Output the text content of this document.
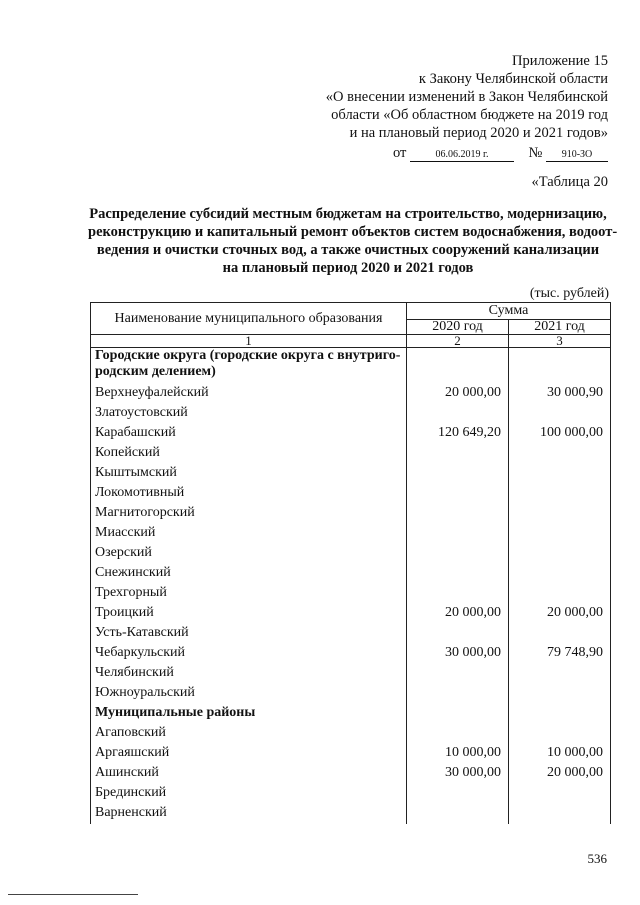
Приложение 15
к Закону Челябинской области
«О внесении изменений в Закон Челябинской
области «Об областном бюджете на 2019 год
и на плановый период 2020 и 2021 годов»
от	06.06.2019 г.	№ 910-ЗО
«Таблица 20
Распределение субсидий местным бюджетам на строительство, модернизацию,
реконструкцию и капитальный ремонт объектов систем водоснабжения, водоот-
ведения и очистки сточных вод, а также очистных сооружений канализации
на плановый период 2020 и 2021 годов
(тыс. рублей)
Наименование муниципального образования	Сумма	
	2020 год	2021 год
1	2	3
Городские округа (городские округа с внутриго-родским делением)		
Верхнеуфалейский	20 000,00	30 000,90
Златоустовский		
Карабашский	120 649,20	100 000,00
Копейский		
Кыштымский		
Локомотивный		
Магнитогорский		
Миасский		
Озерский		
Снежинский		
Трехгорный		
Троицкий	20 000,00	20 000,00
Усть-Катавский		
Чебаркульский	30 000,00	79 748,90
Челябинский		
Южноуральский		
Муниципальные районы		
Агаповский		
Аргаяшский	10 000,00	10 000,00
Ашинский	30 000,00	20 000,00
Брединский		
Варненский		
536
